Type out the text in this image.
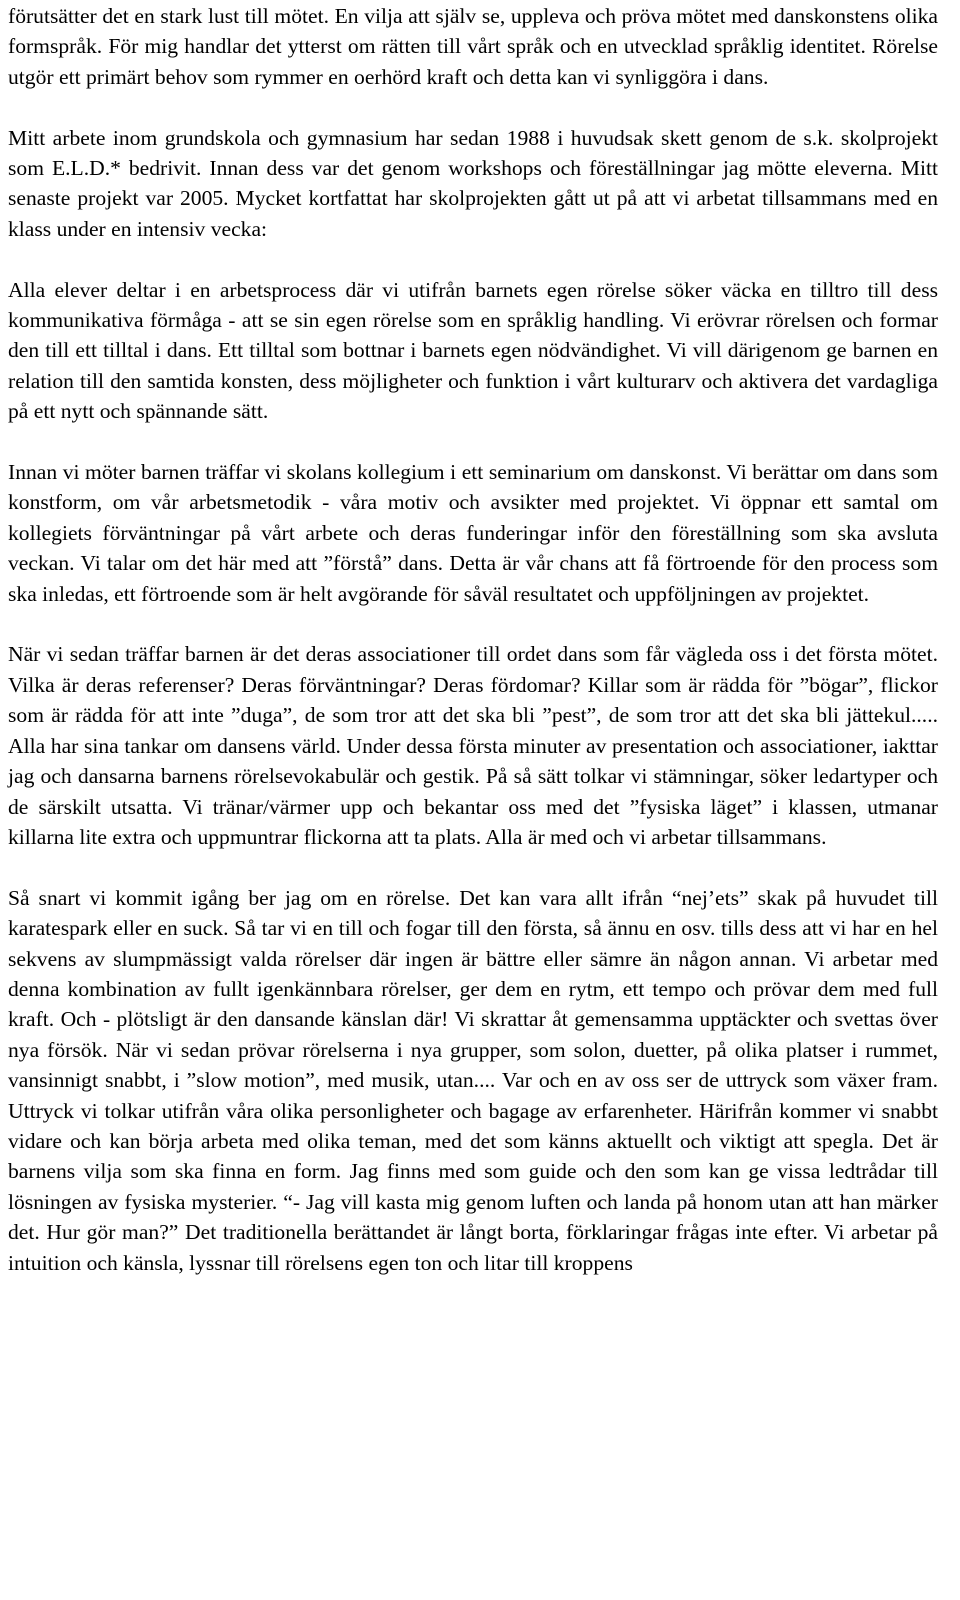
förutsätter det en stark lust till mötet. En vilja att själv se, uppleva och pröva mötet med danskonstens olika formspråk. För mig handlar det ytterst om rätten till vårt språk och en utvecklad språklig identitet. Rörelse utgör ett primärt behov som rymmer en oerhörd kraft och detta kan vi synliggöra i dans.

Mitt arbete inom grundskola och gymnasium har sedan 1988 i huvudsak skett genom de s.k. skolprojekt som E.L.D.* bedrivit. Innan dess var det genom workshops och föreställningar jag mötte eleverna. Mitt senaste projekt var 2005. Mycket kortfattat har skolprojekten gått ut på att vi arbetat tillsammans med en klass under en intensiv vecka:

Alla elever deltar i en arbetsprocess där vi utifrån barnets egen rörelse söker väcka en tilltro till dess kommunikativa förmåga - att se sin egen rörelse som en språklig handling. Vi erövrar rörelsen och formar den till ett tilltal i dans. Ett tilltal som bottnar i barnets egen nödvändighet. Vi vill därigenom ge barnen en relation till den samtida konsten, dess möjligheter och funktion i vårt kulturarv och aktivera det vardagliga på ett nytt och spännande sätt.

Innan vi möter barnen träffar vi skolans kollegium i ett seminarium om danskonst. Vi berättar om dans som konstform, om vår arbetsmetodik - våra motiv och avsikter med projektet. Vi öppnar ett samtal om kollegiets förväntningar på vårt arbete och deras funderingar inför den föreställning som ska avsluta veckan. Vi talar om det här med att ”förstå” dans. Detta är vår chans att få förtroende för den process som ska inledas, ett förtroende som är helt avgörande för såväl resultatet och uppföljningen av projektet.

När vi sedan träffar barnen är det deras associationer till ordet dans som får vägleda oss i det första mötet. Vilka är deras referenser? Deras förväntningar? Deras fördomar? Killar som är rädda för ”bögar”, flickor som är rädda för att inte ”duga”, de som tror att det ska bli ”pest”, de som tror att det ska bli jättekul..... Alla har sina tankar om dansens värld. Under dessa första minuter av presentation och associationer, iakttar jag och dansarna barnens rörelsevokabulär och gestik. På så sätt tolkar vi stämningar, söker ledartyper och de särskilt utsatta. Vi tränar/värmer upp och bekantar oss med det ”fysiska läget” i klassen, utmanar killarna lite extra och uppmuntrar flickorna att ta plats. Alla är med och vi arbetar tillsammans.

Så snart vi kommit igång ber jag om en rörelse. Det kan vara allt ifrån “nej’ets” skak på huvudet till karatespark eller en suck. Så tar vi en till och fogar till den första, så ännu en osv. tills dess att vi har en hel sekvens av slumpmässigt valda rörelser där ingen är bättre eller sämre än någon annan. Vi arbetar med denna kombination av fullt igenkännbara rörelser, ger dem en rytm, ett tempo och prövar dem med full kraft. Och - plötsligt är den dansande känslan där! Vi skrattar åt gemensamma upptäckter och svettas över nya försök. När vi sedan prövar rörelserna i nya grupper, som solon, duetter, på olika platser i rummet, vansinnigt snabbt, i ”slow motion”, med musik, utan.... Var och en av oss ser de uttryck som växer fram. Uttryck vi tolkar utifrån våra olika personligheter och bagage av erfarenheter. Härifrån kommer vi snabbt vidare och kan börja arbeta med olika teman, med det som känns aktuellt och viktigt att spegla. Det är barnens vilja som ska finna en form. Jag finns med som guide och den som kan ge vissa ledtrådar till lösningen av fysiska mysterier. “- Jag vill kasta mig genom luften och landa på honom utan att han märker det. Hur gör man?” Det traditionella berättandet är långt borta, förklaringar frågas inte efter. Vi arbetar på intuition och känsla, lyssnar till rörelsens egen ton och litar till kroppens
